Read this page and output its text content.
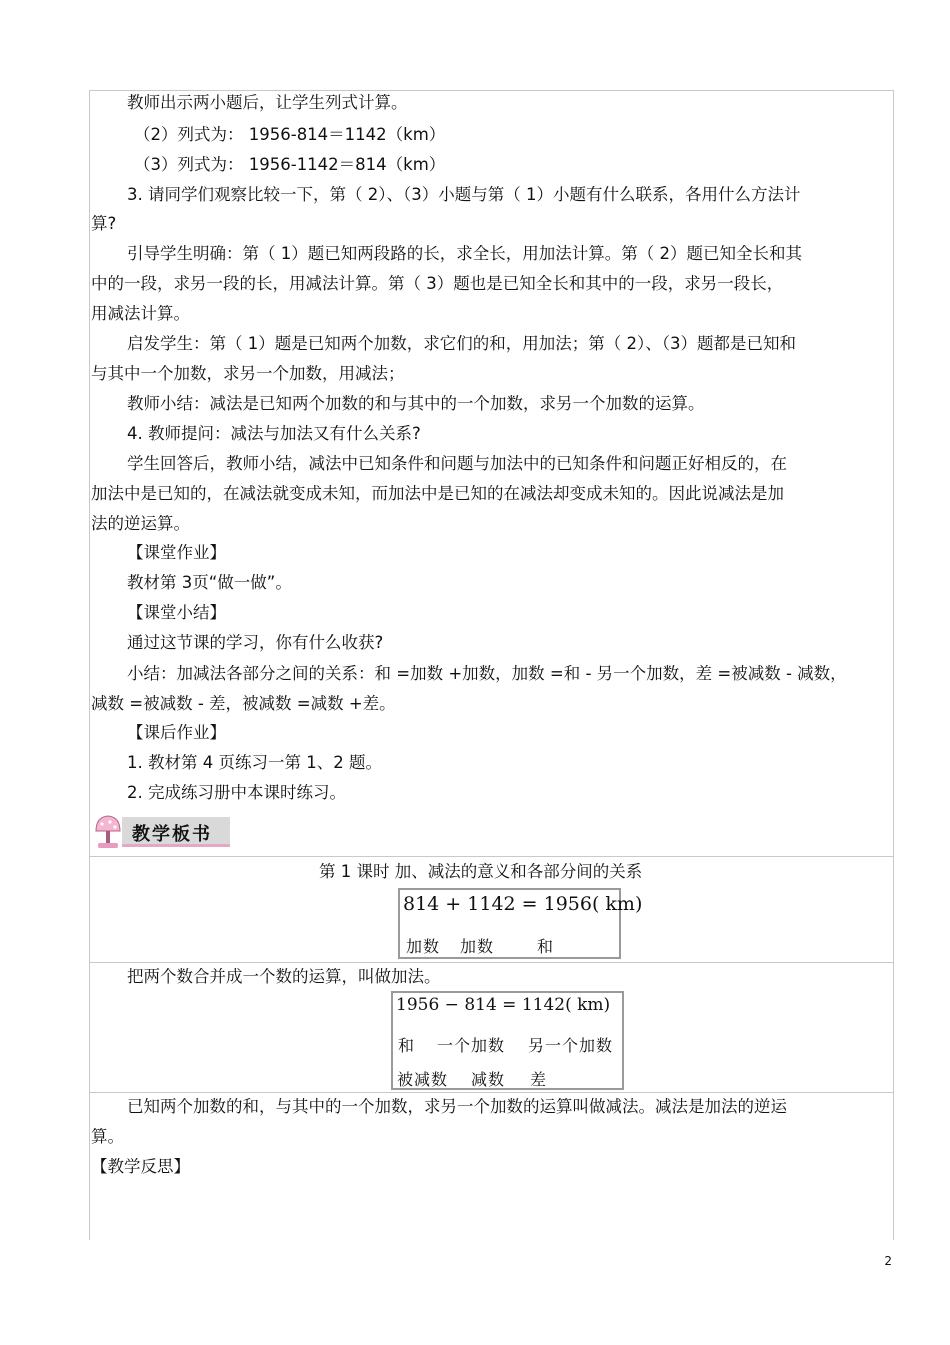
教师出示两小题后，让学生列式计算。
（2）列式为： 1956-814＝1142（km）
（3）列式为： 1956-1142＝814（km）
3. 请同学们观察比较一下，第（ 2）、（3）小题与第（ 1）小题有什么联系，各用什么方法计
算?
引导学生明确：第（ 1）题已知两段路的长，求全长，用加法计算。第（ 2）题已知全长和其
中的一段，求另一段的长，用减法计算。第（ 3）题也是已知全长和其中的一段，求另一段长，
用减法计算。
启发学生：第（ 1）题是已知两个加数，求它们的和，用加法；第（ 2）、（3）题都是已知和
与其中一个加数，求另一个加数，用减法；
教师小结：减法是已知两个加数的和与其中的一个加数，求另一个加数的运算。
4. 教师提问：减法与加法又有什么关系?
学生回答后，教师小结，减法中已知条件和问题与加法中的已知条件和问题正好相反的，在
加法中是已知的，在减法就变成未知，而加法中是已知的在减法却变成未知的。因此说减法是加
法的逆运算。
【课堂作业】
教材第 3页“做一做”。
【课堂小结】
通过这节课的学习，你有什么收获?
小结：加减法各部分之间的关系：和 =加数 +加数，加数 =和 - 另一个加数，差 =被减数 - 减数，
减数 =被减数 - 差，被减数 =减数 +差。
【课后作业】
1. 教材第 4 页练习一第 1、2 题。
2. 完成练习册中本课时练习。
教学板书
第 1 课时 加、减法的意义和各部分间的关系
814 + 1142 = 1956( km)
加数 加数	和
把两个数合并成一个数的运算，叫做加法。
1956 − 814 = 1142( km)
和 一个加数 另一个加数
被减数 减数 差
已知两个加数的和，与其中的一个加数，求另一个加数的运算叫做减法。减法是加法的逆运
算。
【教学反思】
2
